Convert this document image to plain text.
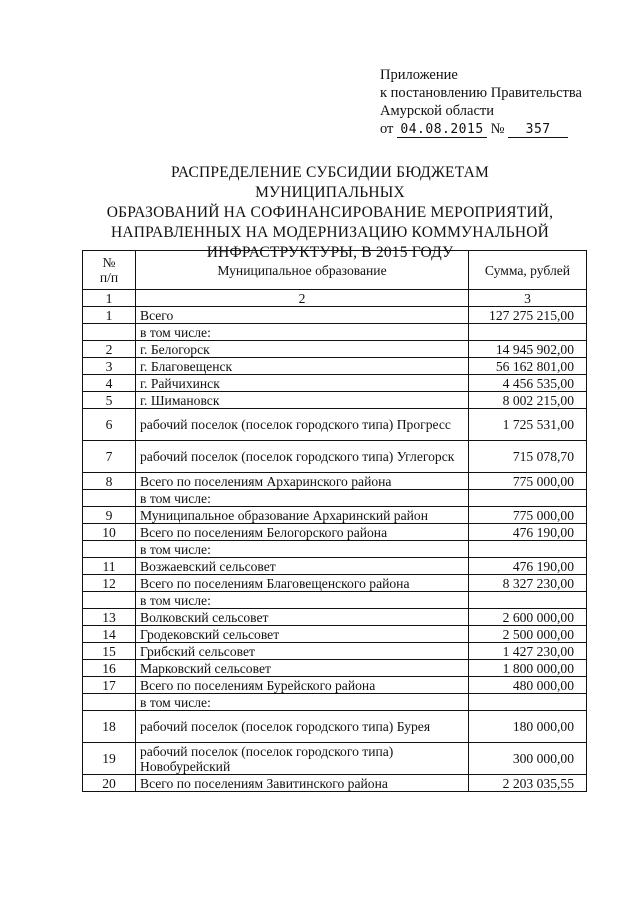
Приложение
к постановлению Правительства
Амурской области
от 04.08.2015 № 357
РАСПРЕДЕЛЕНИЕ СУБСИДИИ БЮДЖЕТАМ МУНИЦИПАЛЬНЫХ
ОБРАЗОВАНИЙ НА СОФИНАНСИРОВАНИЕ МЕРОПРИЯТИЙ,
НАПРАВЛЕННЫХ НА МОДЕРНИЗАЦИЮ КОММУНАЛЬНОЙ
ИНФРАСТРУКТУРЫ, В 2015 ГОДУ
№
п/п	Муниципальное образование	Сумма, рублей
1	2	3
1	Всего	127 275 215,00
	в том числе:	
2	г. Белогорск	14 945 902,00
3	г. Благовещенск	56 162 801,00
4	г. Райчихинск	4 456 535,00
5	г. Шимановск	8 002 215,00
6	рабочий поселок (поселок городского типа) Прогресс	1 725 531,00
7	рабочий поселок (поселок городского типа) Углегорск	715 078,70
8	Всего по поселениям Архаринского района	775 000,00
	в том числе:	
9	Муниципальное образование Архаринский район	775 000,00
10	Всего по поселениям Белогорского района	476 190,00
	в том числе:	
11	Возжаевский сельсовет	476 190,00
12	Всего по поселениям Благовещенского района	8 327 230,00
	в том числе:	
13	Волковский сельсовет	2 600 000,00
14	Гродековский сельсовет	2 500 000,00
15	Грибский сельсовет	1 427 230,00
16	Марковский сельсовет	1 800 000,00
17	Всего по поселениям Бурейского района	480 000,00
	в том числе:	
18	рабочий поселок (поселок городского типа) Бурея	180 000,00
19	рабочий поселок (поселок городского типа) Новобурейский	300 000,00
20	Всего по поселениям Завитинского района	2 203 035,55
